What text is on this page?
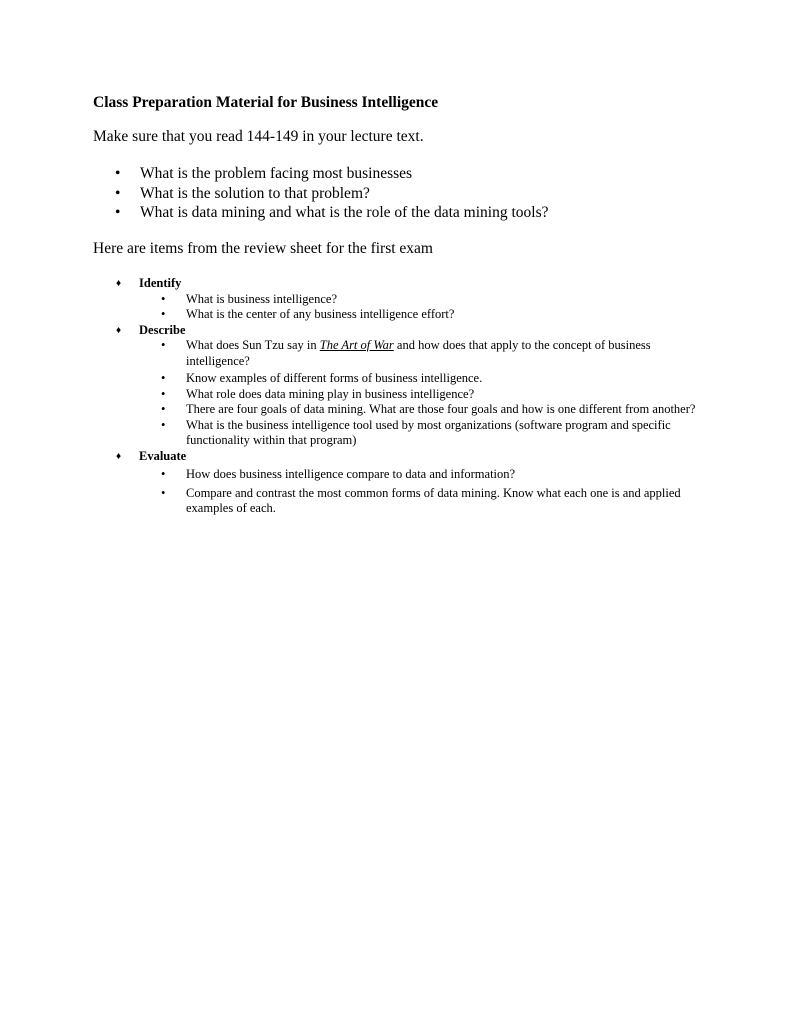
Class Preparation Material for Business Intelligence

Make sure that you read 144-149 in your lecture text.

• What is the problem facing most businesses
• What is the solution to that problem?
• What is data mining and what is the role of the data mining tools?

Here are items from the review sheet for the first exam

♦ Identify
• What is business intelligence?
• What is the center of any business intelligence effort?
♦ Describe
• What does Sun Tzu say in The Art of War and how does that apply to the concept of business intelligence?
• Know examples of different forms of business intelligence.
• What role does data mining play in business intelligence?
• There are four goals of data mining. What are those four goals and how is one different from another?
• What is the business intelligence tool used by most organizations (software program and specific functionality within that program)
♦ Evaluate
• How does business intelligence compare to data and information?
• Compare and contrast the most common forms of data mining. Know what each one is and applied examples of each.
